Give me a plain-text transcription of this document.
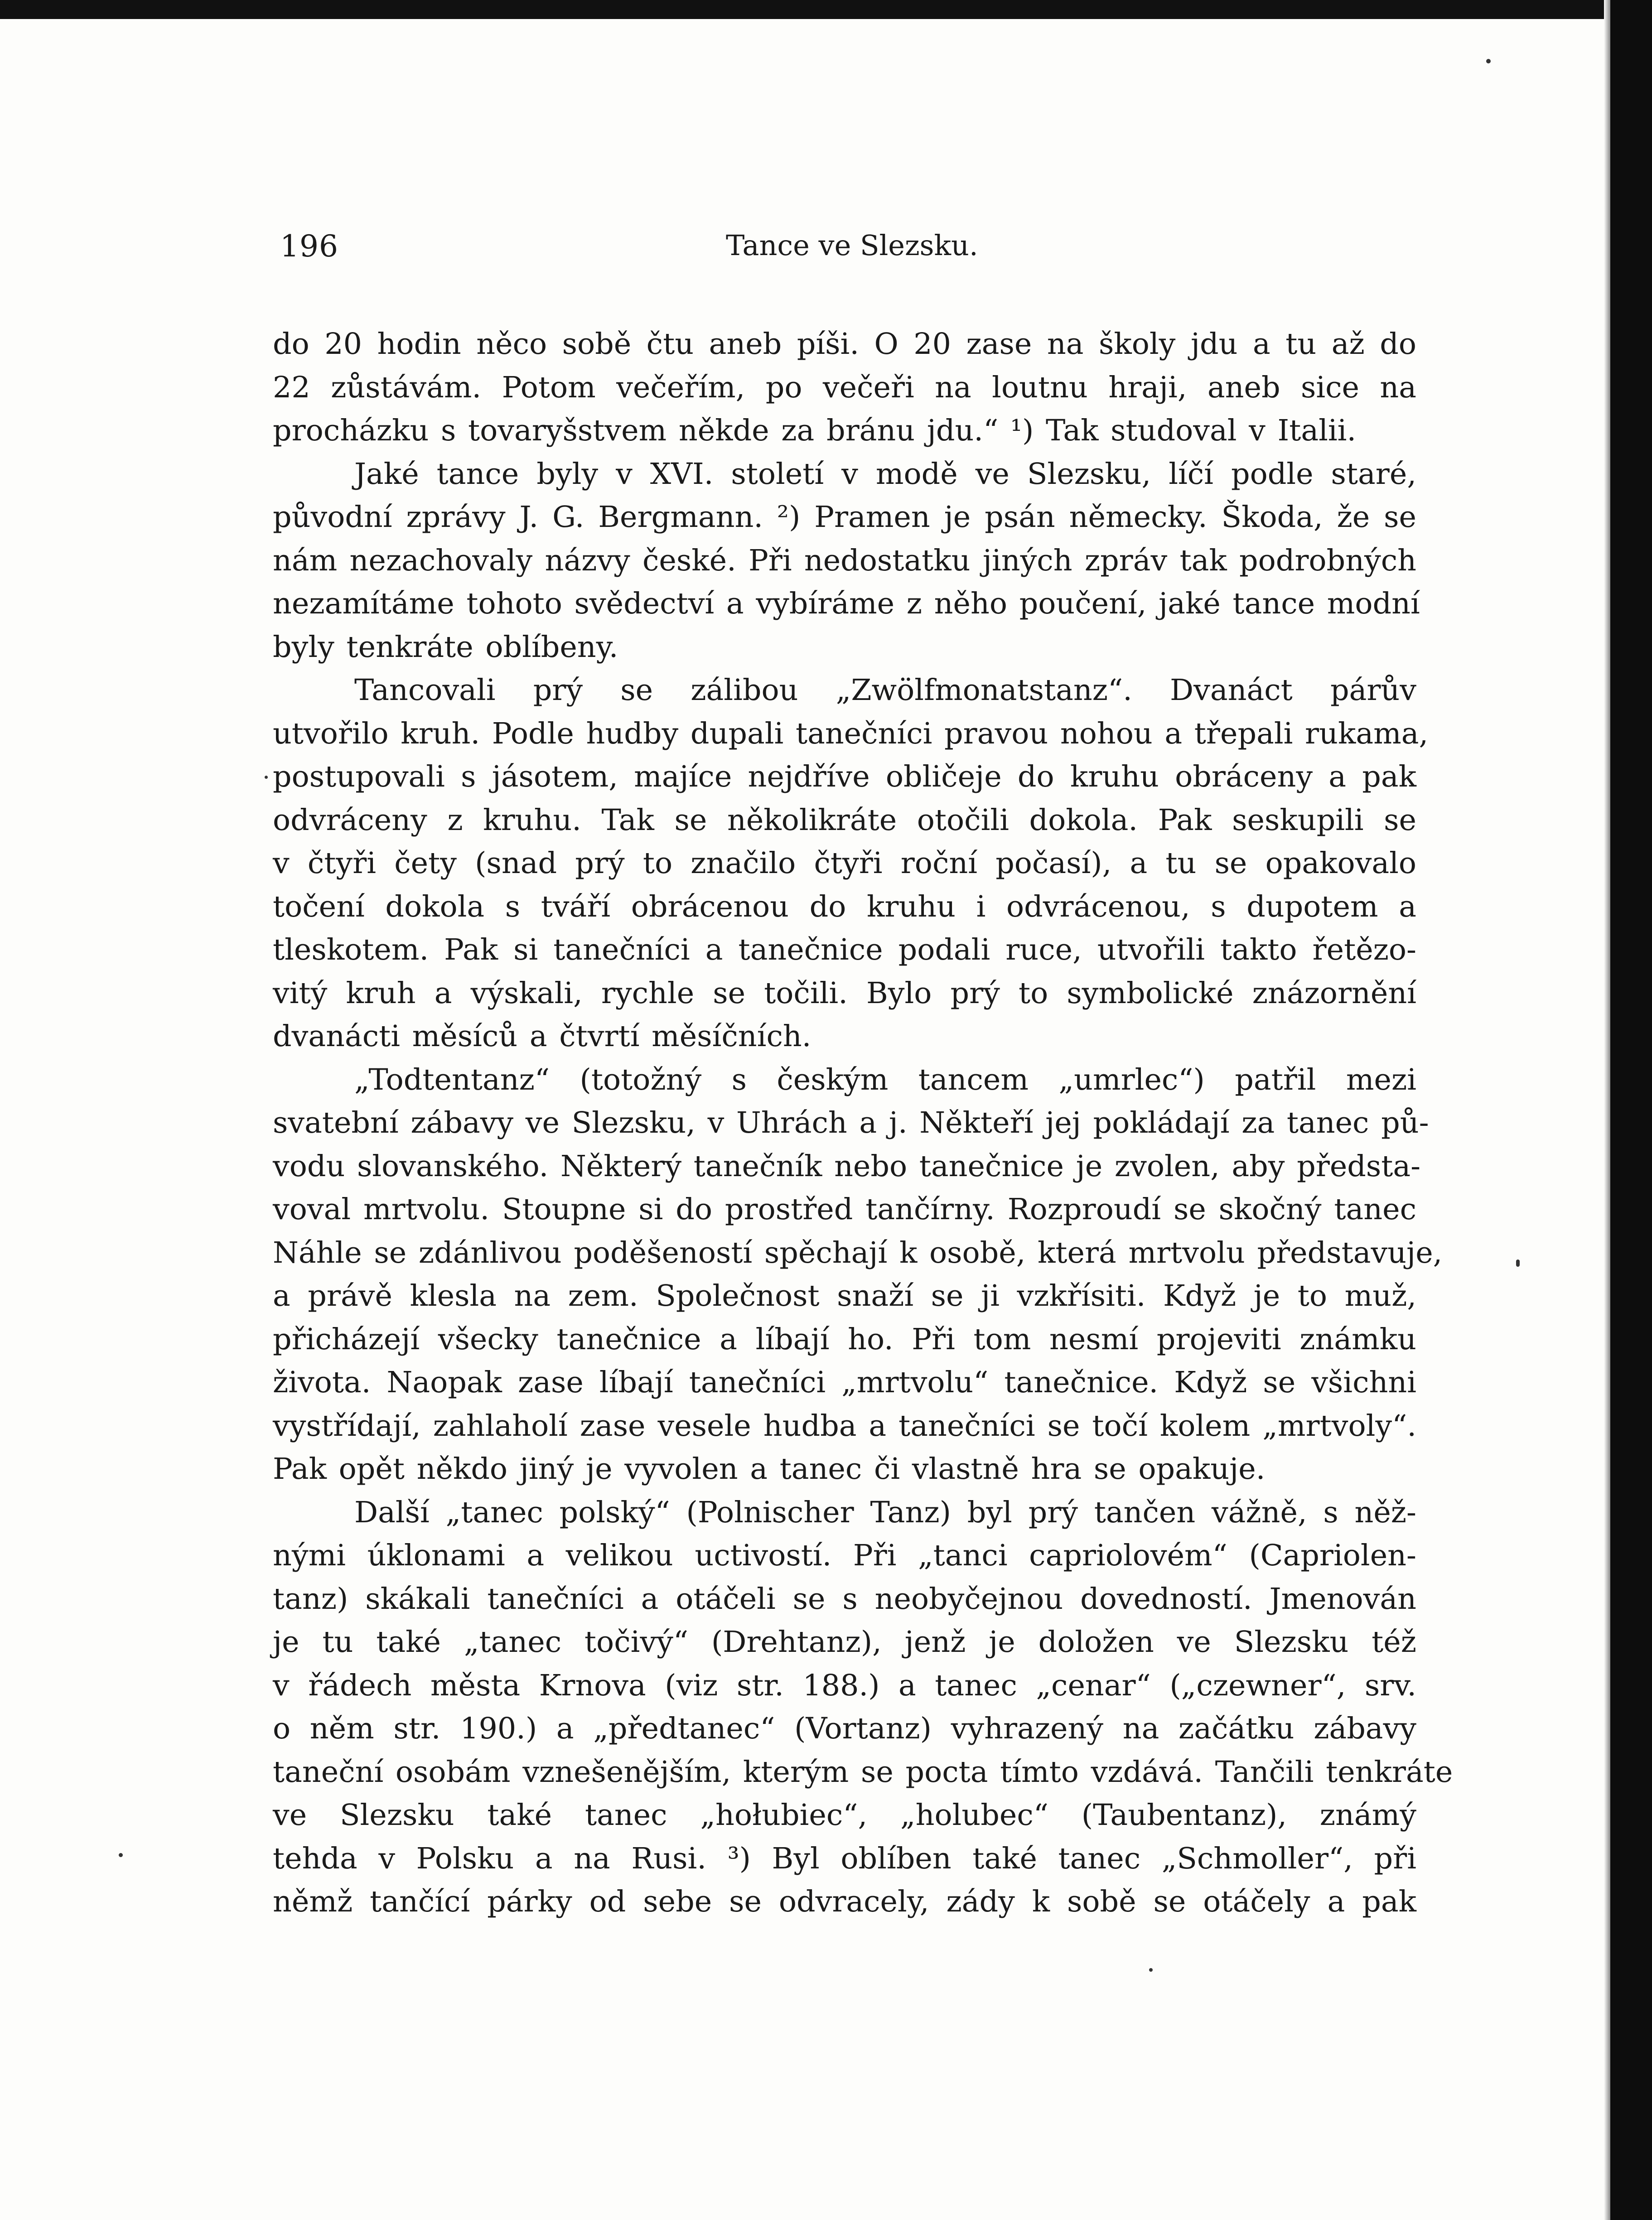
196	Tance ve Slezsku.
do 20 hodin něco sobě čtu aneb píši. O 20 zase na školy jdu a tu až do
22 zůstávám. Potom večeřím, po večeři na loutnu hraji, aneb sice na
procházku s tovaryšstvem někde za bránu jdu.“ ¹) Tak studoval v Italii.
Jaké tance byly v XVI. století v modě ve Slezsku, líčí podle staré,
původní zprávy J. G. Bergmann. ²) Pramen je psán německy. Škoda, že se
nám nezachovaly názvy české. Při nedostatku jiných zpráv tak podrobných
nezamítáme tohoto svědectví a vybíráme z něho poučení, jaké tance modní
byly tenkráte oblíbeny.
Tancovali prý se zálibou „Zwölfmonatstanz“. Dvanáct párův
utvořilo kruh. Podle hudby dupali tanečníci pravou nohou a třepali rukama,
postupovali s jásotem, majíce nejdříve obličeje do kruhu obráceny a pak
odvráceny z kruhu. Tak se několikráte otočili dokola. Pak seskupili se
v čtyři čety (snad prý to značilo čtyři roční počasí), a tu se opakovalo
točení dokola s tváří obrácenou do kruhu i odvrácenou, s dupotem a
tleskotem. Pak si tanečníci a tanečnice podali ruce, utvořili takto řetězo-
vitý kruh a výskali, rychle se točili. Bylo prý to symbolické znázornění
dvanácti měsíců a čtvrtí měsíčních.
„Todtentanz“ (totožný s českým tancem „umrlec“) patřil mezi
svatební zábavy ve Slezsku, v Uhrách a j. Někteří jej pokládají za tanec pů-
vodu slovanského. Některý tanečník nebo tanečnice je zvolen, aby předsta-
voval mrtvolu. Stoupne si do prostřed tančírny. Rozproudí se skočný tanec
Náhle se zdánlivou poděšeností spěchají k osobě, která mrtvolu představuje,
a právě klesla na zem. Společnost snaží se ji vzkřísiti. Když je to muž,
přicházejí všecky tanečnice a líbají ho. Při tom nesmí projeviti známku
života. Naopak zase líbají tanečníci „mrtvolu“ tanečnice. Když se všichni
vystřídají, zahlaholí zase vesele hudba a tanečníci se točí kolem „mrtvoly“.
Pak opět někdo jiný je vyvolen a tanec či vlastně hra se opakuje.
Další „tanec polský“ (Polnischer Tanz) byl prý tančen vážně, s něž-
nými úklonami a velikou uctivostí. Při „tanci capriolovém“ (Capriolen-
tanz) skákali tanečníci a otáčeli se s neobyčejnou dovedností. Jmenován
je tu také „tanec točivý“ (Drehtanz), jenž je doložen ve Slezsku též
v řádech města Krnova (viz str. 188.) a tanec „cenar“ („czewner“, srv.
o něm str. 190.) a „předtanec“ (Vortanz) vyhrazený na začátku zábavy
taneční osobám vznešenějším, kterým se pocta tímto vzdává. Tančili tenkráte
ve Slezsku také tanec „hołubiec“, „holubec“ (Taubentanz), známý
tehda v Polsku a na Rusi. ³) Byl oblíben také tanec „Schmoller“, při
němž tančící párky od sebe se odvracely, zády k sobě se otáčely a pak
